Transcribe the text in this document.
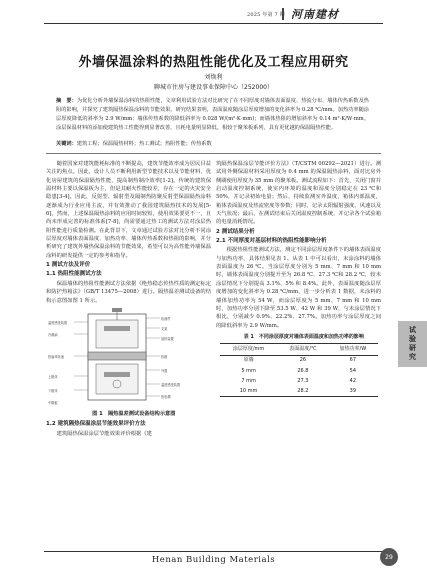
2025 年第 7 期 河南建材
外墙保温涂料的热阻性能优化及工程应用研究
刘焕利
聊城市住房与建设事业保障中心（252000）
摘　要：为优化分析外墙保温涂料的热阻性能，文章利用试验方法对比研究了在不同厚度对墙体表面温度、热流分布、墙体传热系数及热阻的影响，并探究了建筑隔热保温涂料的节能效果。研究结果表明，表面温度随涂层厚度增加的变化斜率为 0.28 ℃/mm。加热功率随涂层厚度降低的斜率为 2.9 W/mm；墙体传热系数的降低斜率为 0.028 W/(m²·K·mm)；而墙体热阻的增加斜率为 0.14 m²·K/W·mm。涂层保温材料的添加使建筑热工性能得到显著改善，且耗电量明显降低。相较于聚苯板系列，具有更优越的保温隔热性能。
关键词：建筑工程；保温隔热材料；热工测试；热阻性能；传热系数

随着国家对建筑能耗标准的不断提高，建筑节能效率成为居民目益关注的焦点。因此，设计人员不断利用新型节能技术以及节能材料，优化房屋建筑的保温隔热性能，提高制热制冷效率[1-2]。传统的建筑保温材料主要以保温板为主，但是其耐火性能较差，存在一定的火灾安全隐患[3-4]。因此，反射型、辐射型及隔制热防聚反射型保温隔热涂料逐渐成为行业应用主流，并有效推动了我国建筑隔热技术的发展[5-6]。然而，上述保温隔热涂料的应用时间较短，使用效果要更不一，且尚未形成完善的标准体系[7-8]，尚需要通过热工的测试方法对涂层热阻性能进行质量检测。在此背景下，文章通过试验方法对比分析不同涂层厚度对墙体表面温度、加热功率、墙体传热系数和热阻的影响，并分析研究了建筑外墙热保温涂料的节能效果，希望可以为高性能外墙保温涂料的研发提供一定的参考和指导。

1 测试方法及评价

1.1 热阻性能测试方法

保温墙体的热阻性能测试方法依据《绝热稳态传热性质的测定标定和防护热箱法》（GB/T 13475—2008）进行。隔热温差测试设备的结构示意图如图 1 所示。

检测件
支架
加热装置
热箱
外置
温度感受装置
热电偶
温度感受装置
冷凝扇
热扇风转速
上箱体
下箱体
中隔板

图 1　隔热温差测试设备结构示意图

1.2 建筑隔热保温涂层节能效果评价方法

建筑隔热保温涂层节能效果评价根据《建

筑隔热保温涂层节能评价方法》（T/CSTM 00292—2021）进行。测试用外侧保温材料采用厚度为 0.4 mm 的保温隔热涂料，面对比房外侧刷使用厚度为 35 mm 的聚苯板。测试流程如下：首先，关闭门窗并启动温度控制系统，使室内环境的温度和湿度分别稳定在 23 ℃和 50%，并记录初始电量；然后，持续监测室外温度，箱体内部温度，箱体表面温度及热流密度等参数；同时，记录太阳辐射强度、风速以及天气状况；最后，在测试结束后关闭温度控制系统，并记录各个试验箱的电量消耗情况。

2 测试结果分析

2.1 不同厚度对基层材料的热阻性能影响分析

根据热阻性能测试方法，测定不同涂层厚度条件下的墙体表面温度与加热功率，具体结果见表 1。从表 1 中可以看出，未涂涂料的墙体表面温度为 26 ℃。当涂层厚度分别为 5 mm、7 mm 和 10 mm 时，墙体表面温度分别提升至为 26.8 ℃、27.3 ℃和 28.2 ℃，较未涂层情况下分别提高 3.1%、5% 和 8.4%。此外，表面温度随涂层厚度增加的变化斜率为 0.28 ℃/mm，进一步分析表 1 数据，未涂料的墙体加热功率为 54 W，而涂层厚度为 5 mm、7 mm 和 10 mm 时，加热功率分别下降至 53.5 W、42 W 和 39 W，与未涂层情况下相比，分别减少 0.9%、22.2%、27.7%。加热功率与涂层厚度之间的降低斜率为 2.9 W/mm。

表 1　不同涂层厚度对墙体表面温度和加热功率的影响

涂层厚度/mm	表面温度/℃	加热功率/W
原墙	26	67
5 mm	26.8	54
7 mm	27.3	42
10 mm	28.2	39
试
验
研
究
Henan Building Materials	29
